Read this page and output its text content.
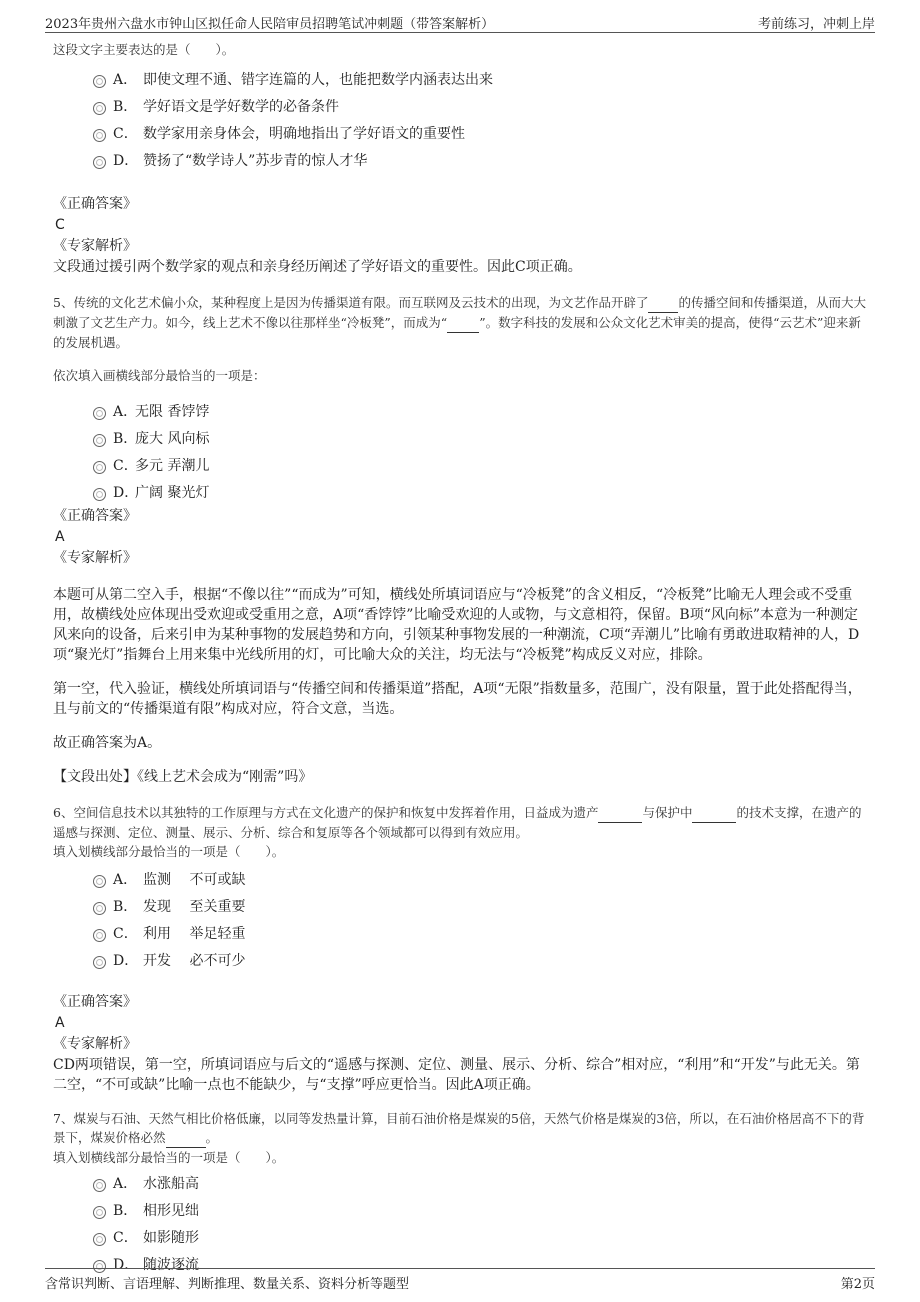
2023年贵州六盘水市钟山区拟任命人民陪审员招聘笔试冲刺题（带答案解析）	考前练习，冲刺上岸

这段文字主要表达的是（　　）。

A． 即使文理不通、错字连篇的人，也能把数学内涵表达出来
B． 学好语文是学好数学的必备条件
C． 数学家用亲身体会，明确地指出了学好语文的重要性
D． 赞扬了“数学诗人”苏步青的惊人才华

《正确答案》

C

《专家解析》

文段通过援引两个数学家的观点和亲身经历阐述了学好语文的重要性。因此C项正确。

5、传统的文化艺术偏小众，某种程度上是因为传播渠道有限。而互联网及云技术的出现，为文艺作品开辟了 的传播空间和传播渠道，从而大大刺激了文艺生产力。如今，线上艺术不像以往那样坐“冷板凳”，而成为“	”。数字科技的发展和公众文化艺术审美的提高，使得“云艺术”迎来新的发展机遇。

依次填入画横线部分最恰当的一项是：

A．
无限 香饽饽
B．
庞大 风向标
C．
多元 弄潮儿
D．
广阔 聚光灯

《正确答案》

A

《专家解析》

本题可从第二空入手，根据“不像以往”“而成为”可知，横线处所填词语应与“冷板凳”的含义相反，“冷板凳”比喻无人理会或不受重用，故横线处应体现出受欢迎或受重用之意，A项“香饽饽”比喻受欢迎的人或物，与文意相符，保留。B项“风向标”本意为一种测定风来向的设备，后来引申为某种事物的发展趋势和方向，引领某种事物发展的一种潮流，C项“弄潮儿”比喻有勇敢进取精神的人，D项“聚光灯”指舞台上用来集中光线所用的灯，可比喻大众的关注，均无法与“冷板凳”构成反义对应，排除。

第一空，代入验证，横线处所填词语与“传播空间和传播渠道”搭配，A项“无限”指数量多，范围广，没有限量，置于此处搭配得当，且与前文的“传播渠道有限”构成对应，符合文意，当选。

故正确答案为A。

【文段出处】《线上艺术会成为“刚需”吗》

6、空间信息技术以其独特的工作原理与方式在文化遗产的保护和恢复中发挥着作用，日益成为遗产	与保护中	的技术支撑，在遗产的遥感与探测、定位、测量、展示、分析、综合和复原等各个领域都可以得到有效应用。

填入划横线部分最恰当的一项是（　　）。

A． 监测　 不可或缺
B． 发现　 至关重要
C． 利用　 举足轻重
D． 开发　 必不可少

《正确答案》

A

《专家解析》

CD两项错误，第一空，所填词语应与后文的“遥感与探测、定位、测量、展示、分析、综合”相对应，“利用”和“开发”与此无关。第二空，“不可或缺”比喻一点也不能缺少，与“支撑”呼应更恰当。因此A项正确。

7、煤炭与石油、天然气相比价格低廉，以同等发热量计算，目前石油价格是煤炭的5倍，天然气价格是煤炭的3倍，所以，在石油价格居高不下的背景下，煤炭价格必然	。

填入划横线部分最恰当的一项是（　　）。

A． 水涨船高
B． 相形见绌
C． 如影随形
D． 随波逐流
含常识判断、言语理解、判断推理、数量关系、资料分析等题型	第2页
